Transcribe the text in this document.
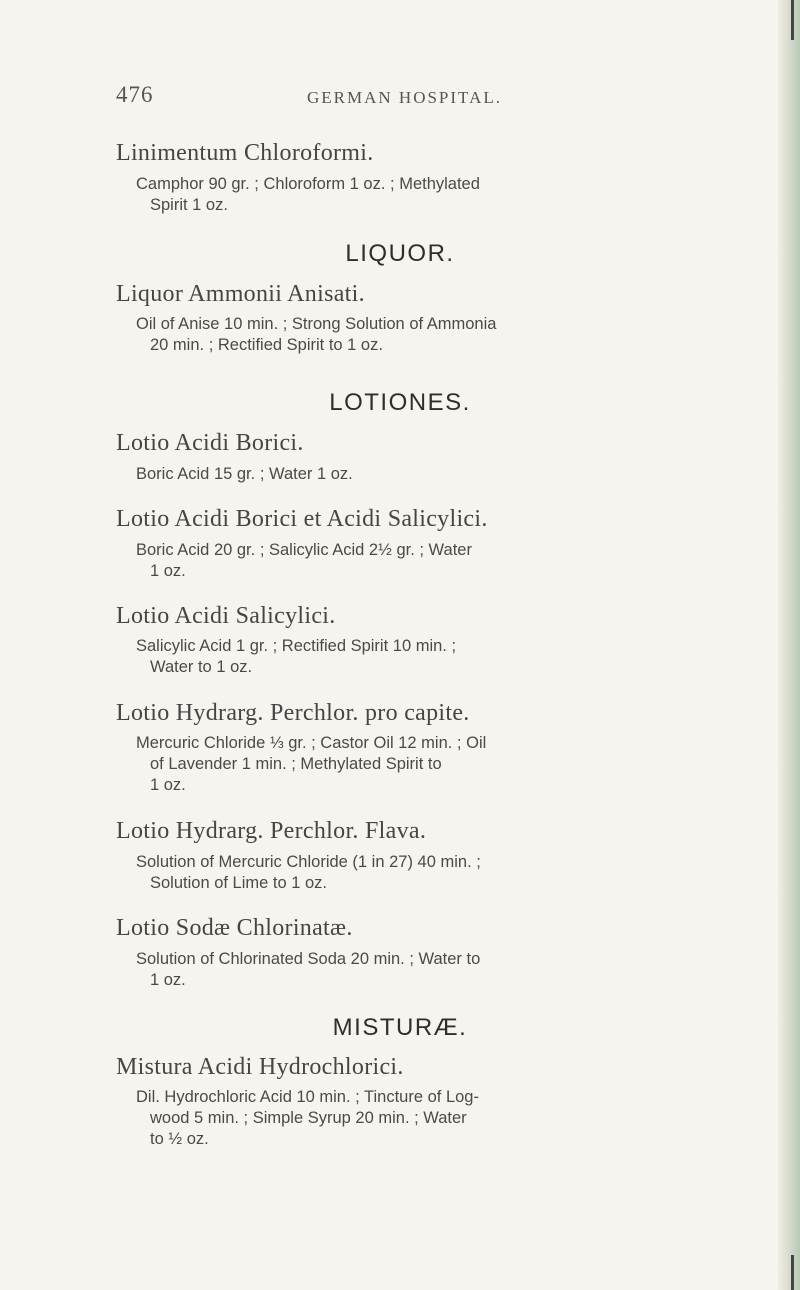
476	GERMAN HOSPITAL.
Linimentum Chloroformi.
Camphor 90 gr. ; Chloroform 1 oz. ; Methylated
Spirit 1 oz.
LIQUOR.
Liquor Ammonii Anisati.
Oil of Anise 10 min. ; Strong Solution of Ammonia
20 min. ; Rectified Spirit to 1 oz.
LOTIONES.
Lotio Acidi Borici.
Boric Acid 15 gr. ; Water 1 oz.
Lotio Acidi Borici et Acidi Salicylici.
Boric Acid 20 gr. ; Salicylic Acid 2½ gr. ; Water
1 oz.
Lotio Acidi Salicylici.
Salicylic Acid 1 gr. ; Rectified Spirit 10 min. ;
Water to 1 oz.
Lotio Hydrarg. Perchlor. pro capite.
Mercuric Chloride ⅓ gr. ; Castor Oil 12 min. ; Oil
of Lavender 1 min. ; Methylated Spirit to
1 oz.
Lotio Hydrarg. Perchlor. Flava.
Solution of Mercuric Chloride (1 in 27) 40 min. ;
Solution of Lime to 1 oz.
Lotio Sodæ Chlorinatæ.
Solution of Chlorinated Soda 20 min. ; Water to
1 oz.
MISTURÆ.
Mistura Acidi Hydrochlorici.
Dil. Hydrochloric Acid 10 min. ; Tincture of Log-
wood 5 min. ; Simple Syrup 20 min. ; Water
to ½ oz.
